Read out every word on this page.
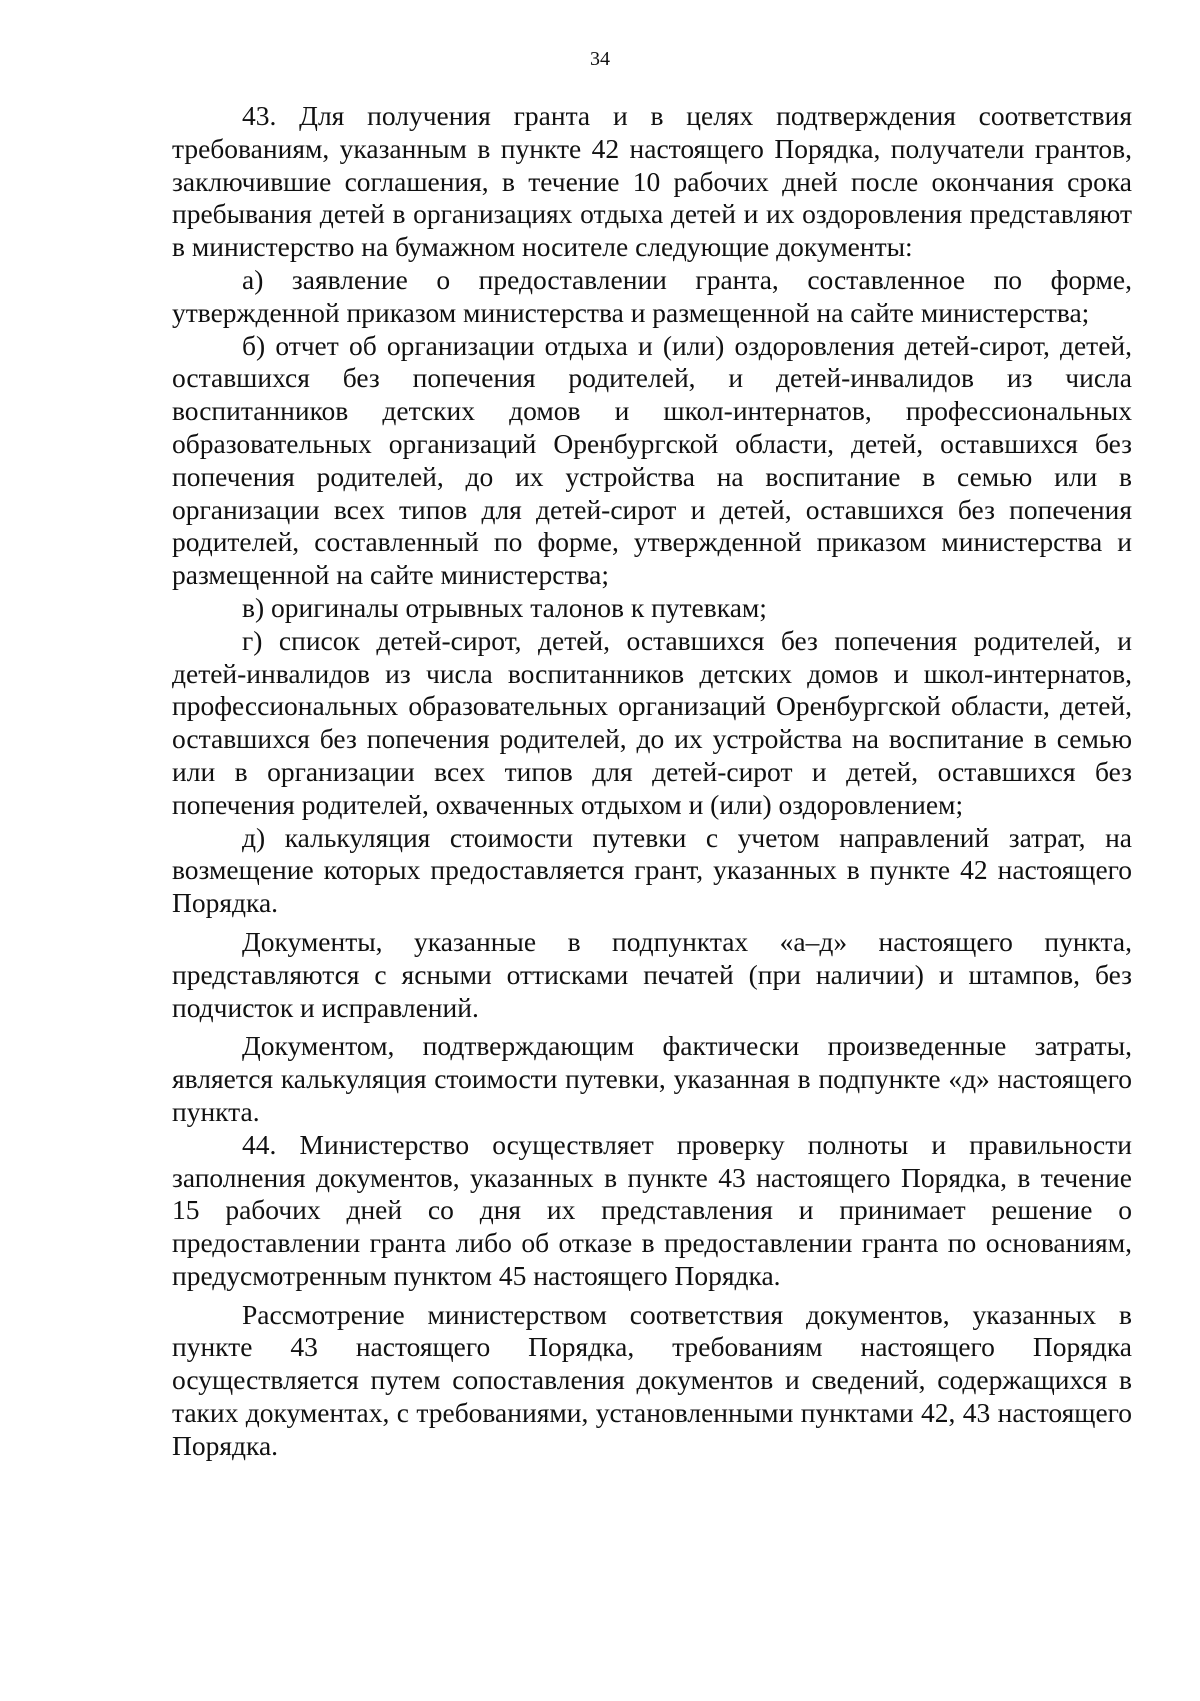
34

43. Для получения гранта и в целях подтверждения соответствия требованиям, указанным в пункте 42 настоящего Порядка, получатели грантов, заключившие соглашения, в течение 10 рабочих дней после окончания срока пребывания детей в организациях отдыха детей и их оздоровления представляют в министерство на бумажном носителе следующие документы:

а) заявление о предоставлении гранта, составленное по форме, утвержденной приказом министерства и размещенной на сайте министерства;

б) отчет об организации отдыха и (или) оздоровления детей-сирот, детей, оставшихся без попечения родителей, и детей-инвалидов из числа воспитанников детских домов и школ-интернатов, профессиональных образовательных организаций Оренбургской области, детей, оставшихся без попечения родителей, до их устройства на воспитание в семью или в организации всех типов для детей-сирот и детей, оставшихся без попечения родителей, составленный по форме, утвержденной приказом министерства и размещенной на сайте министерства;

в) оригиналы отрывных талонов к путевкам;

г) список детей-сирот, детей, оставшихся без попечения родителей, и детей-инвалидов из числа воспитанников детских домов и школ-интернатов, профессиональных образовательных организаций Оренбургской области, детей, оставшихся без попечения родителей, до их устройства на воспитание в семью или в организации всех типов для детей-сирот и детей, оставшихся без попечения родителей, охваченных отдыхом и (или) оздоровлением;

д) калькуляция стоимости путевки с учетом направлений затрат, на возмещение которых предоставляется грант, указанных в пункте 42 настоящего Порядка.

Документы, указанные в подпунктах «а–д» настоящего пункта, представляются с ясными оттисками печатей (при наличии) и штампов, без подчисток и исправлений.

Документом, подтверждающим фактически произведенные затраты, является калькуляция стоимости путевки, указанная в подпункте «д» настоящего пункта.

44. Министерство осуществляет проверку полноты и правильности заполнения документов, указанных в пункте 43 настоящего Порядка, в течение 15 рабочих дней со дня их представления и принимает решение о предоставлении гранта либо об отказе в предоставлении гранта по основаниям, предусмотренным пунктом 45 настоящего Порядка.

Рассмотрение министерством соответствия документов, указанных в пункте 43 настоящего Порядка, требованиям настоящего Порядка осуществляется путем сопоставления документов и сведений, содержащихся в таких документах, с требованиями, установленными пунктами 42, 43 настоящего Порядка.
